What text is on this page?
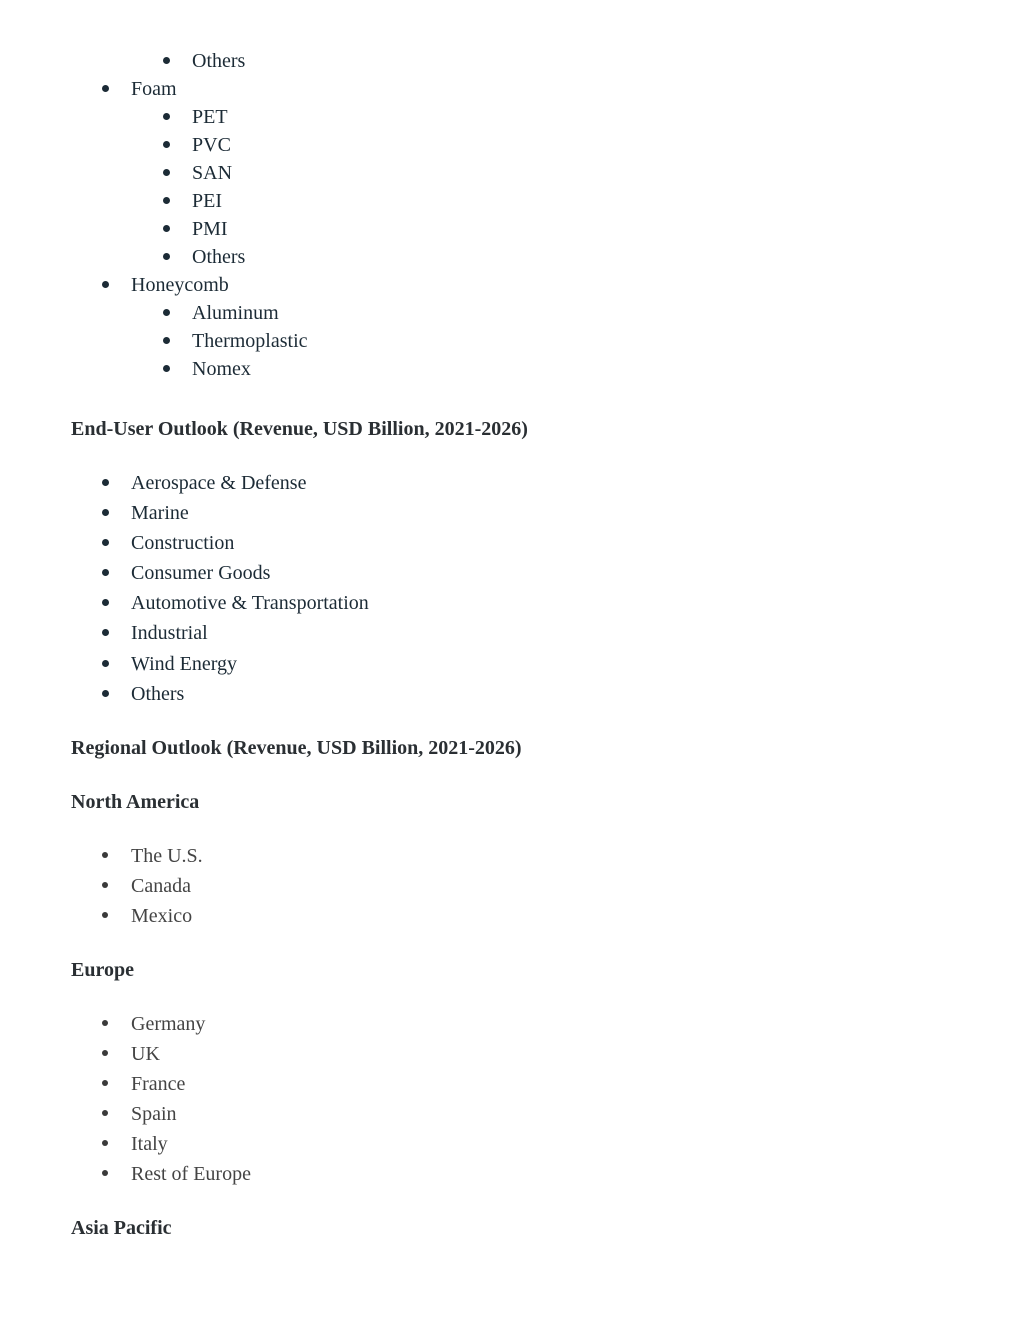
Others
Foam
PET
PVC
SAN
PEI
PMI
Others
Honeycomb
Aluminum
Thermoplastic
Nomex
End-User Outlook (Revenue, USD Billion, 2021-2026)
Aerospace & Defense
Marine
Construction
Consumer Goods
Automotive & Transportation
Industrial
Wind Energy
Others
Regional Outlook (Revenue, USD Billion, 2021-2026)
North America
The U.S.
Canada
Mexico
Europe
Germany
UK
France
Spain
Italy
Rest of Europe
Asia Pacific
